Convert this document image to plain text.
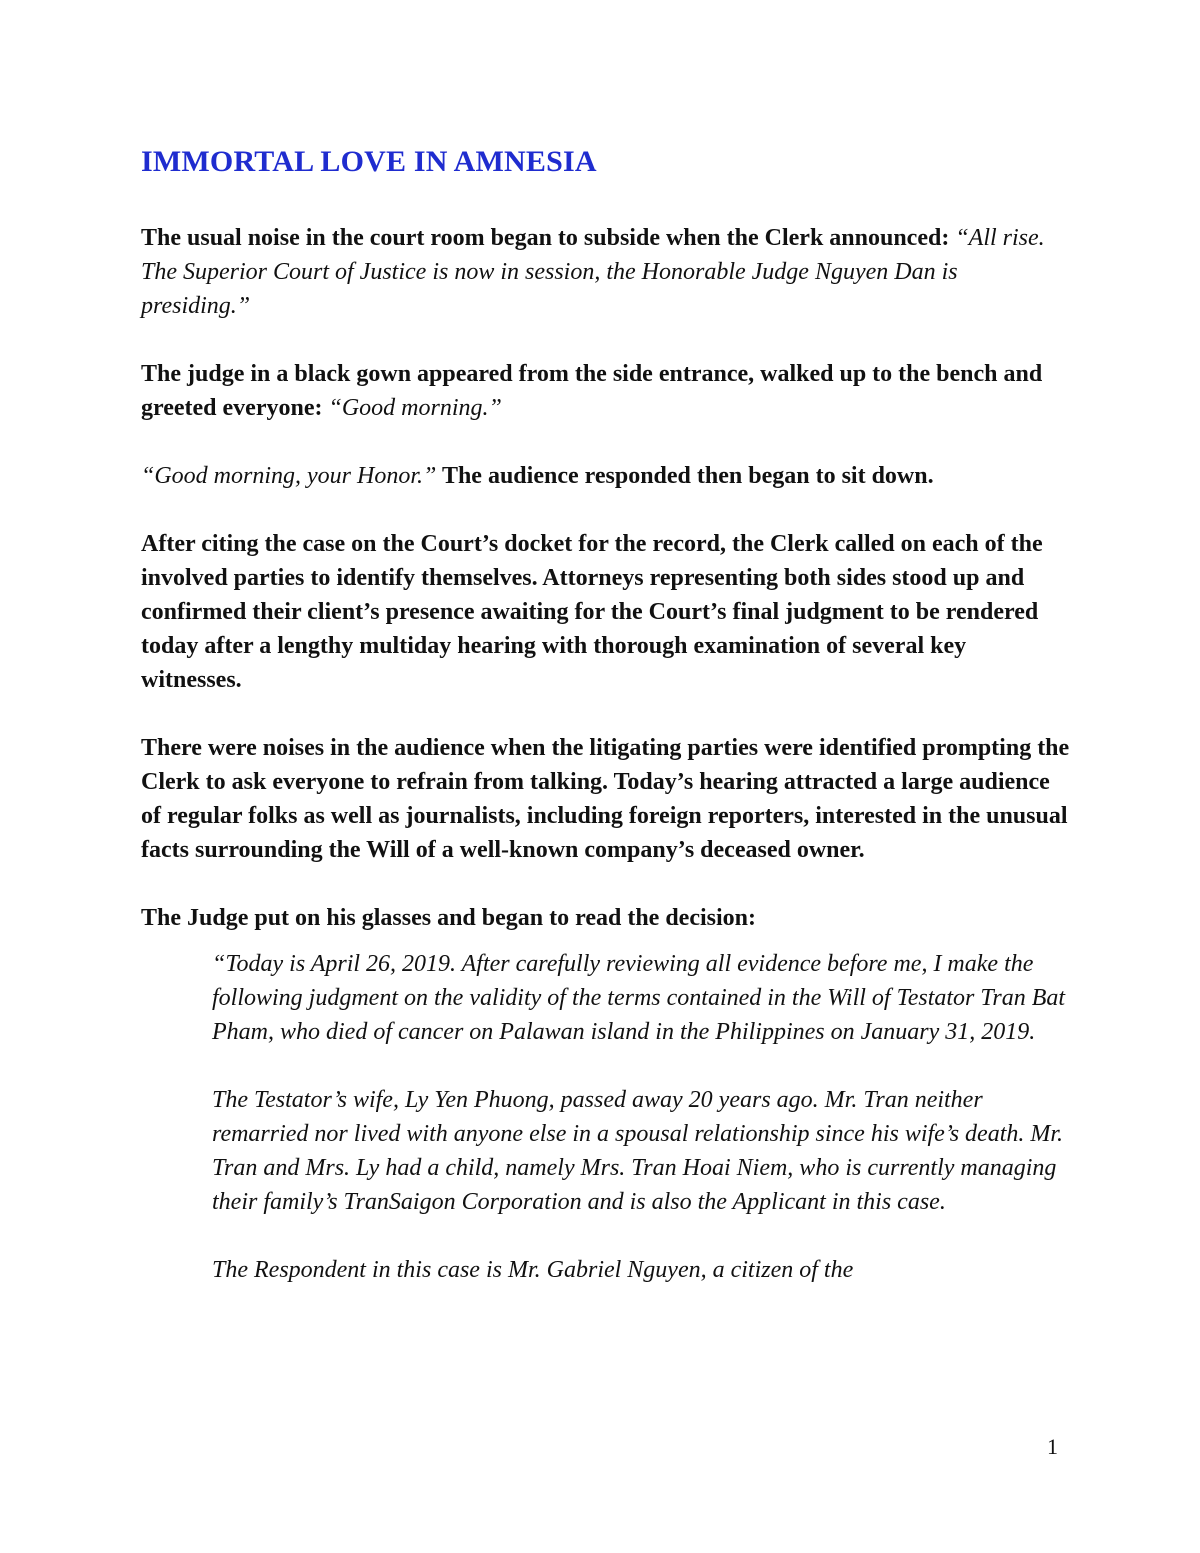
IMMORTAL LOVE IN AMNESIA

The usual noise in the court room began to subside when the Clerk announced: “All rise. The Superior Court of Justice is now in session, the Honorable Judge Nguyen Dan is presiding.”

The judge in a black gown appeared from the side entrance, walked up to the bench and greeted everyone: “Good morning.”

“Good morning, your Honor.” The audience responded then began to sit down.

After citing the case on the Court’s docket for the record, the Clerk called on each of the involved parties to identify themselves. Attorneys representing both sides stood up and confirmed their client’s presence awaiting for the Court’s final judgment to be rendered today after a lengthy multiday hearing with thorough examination of several key witnesses.

There were noises in the audience when the litigating parties were identified prompting the Clerk to ask everyone to refrain from talking. Today’s hearing attracted a large audience of regular folks as well as journalists, including foreign reporters, interested in the unusual facts surrounding the Will of a well-known company’s deceased owner.

The Judge put on his glasses and began to read the decision:

“Today is April 26, 2019. After carefully reviewing all evidence before me, I make the following judgment on the validity of the terms contained in the Will of Testator Tran Bat Pham, who died of cancer on Palawan island in the Philippines on January 31, 2019.

The Testator’s wife, Ly Yen Phuong, passed away 20 years ago. Mr. Tran neither remarried nor lived with anyone else in a spousal relationship since his wife’s death. Mr. Tran and Mrs. Ly had a child, namely Mrs. Tran Hoai Niem, who is currently managing their family’s TranSaigon Corporation and is also the Applicant in this case.

The Respondent in this case is Mr. Gabriel Nguyen, a citizen of the

1
